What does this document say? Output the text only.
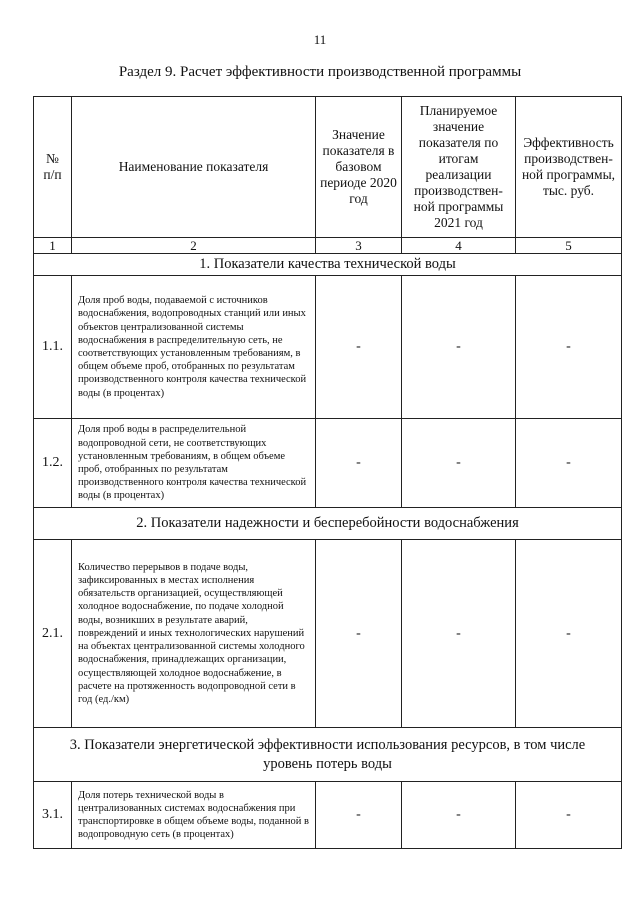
11
Раздел 9. Расчет эффективности производственной программы
№
п/п	Наименование показателя	Значение показателя в базовом периоде 2020 год	Планируемое значение показателя по итогам реализации производствен-ной программы 2021 год	Эффективность производствен-ной программы, тыс. руб.
1	2	3	4	5
1. Показатели качества технической воды				
1.1.	Доля проб воды, подаваемой с источников водоснабжения, водопроводных станций или иных объектов централизованной системы водоснабжения в распределительную сеть, не соответствующих установленным требованиям, в общем объеме проб, отобранных по результатам производственного контроля качества технической воды (в процентах)	-	-	-
1.2.	Доля проб воды в распределительной водопроводной сети, не соответствующих установленным требованиям, в общем объеме проб, отобранных по результатам производственного контроля качества технической воды (в процентах)	-	-	-
2. Показатели надежности и бесперебойности водоснабжения				
2.1.	Количество перерывов в подаче воды, зафиксированных в местах исполнения обязательств организацией, осуществляющей холодное водоснабжение, по подаче холодной воды, возникших в результате аварий, повреждений и иных технологических нарушений на объектах централизованной системы холодного водоснабжения, принадлежащих организации, осуществляющей холодное водоснабжение, в расчете на протяженность водопроводной сети в год (ед./км)	-	-	-
3. Показатели энергетической эффективности использования ресурсов, в том числе уровень потерь воды				
3.1.	Доля потерь технической воды в централизованных системах водоснабжения при транспортировке в общем объеме воды, поданной в водопроводную сеть (в процентах)	-	-	-
